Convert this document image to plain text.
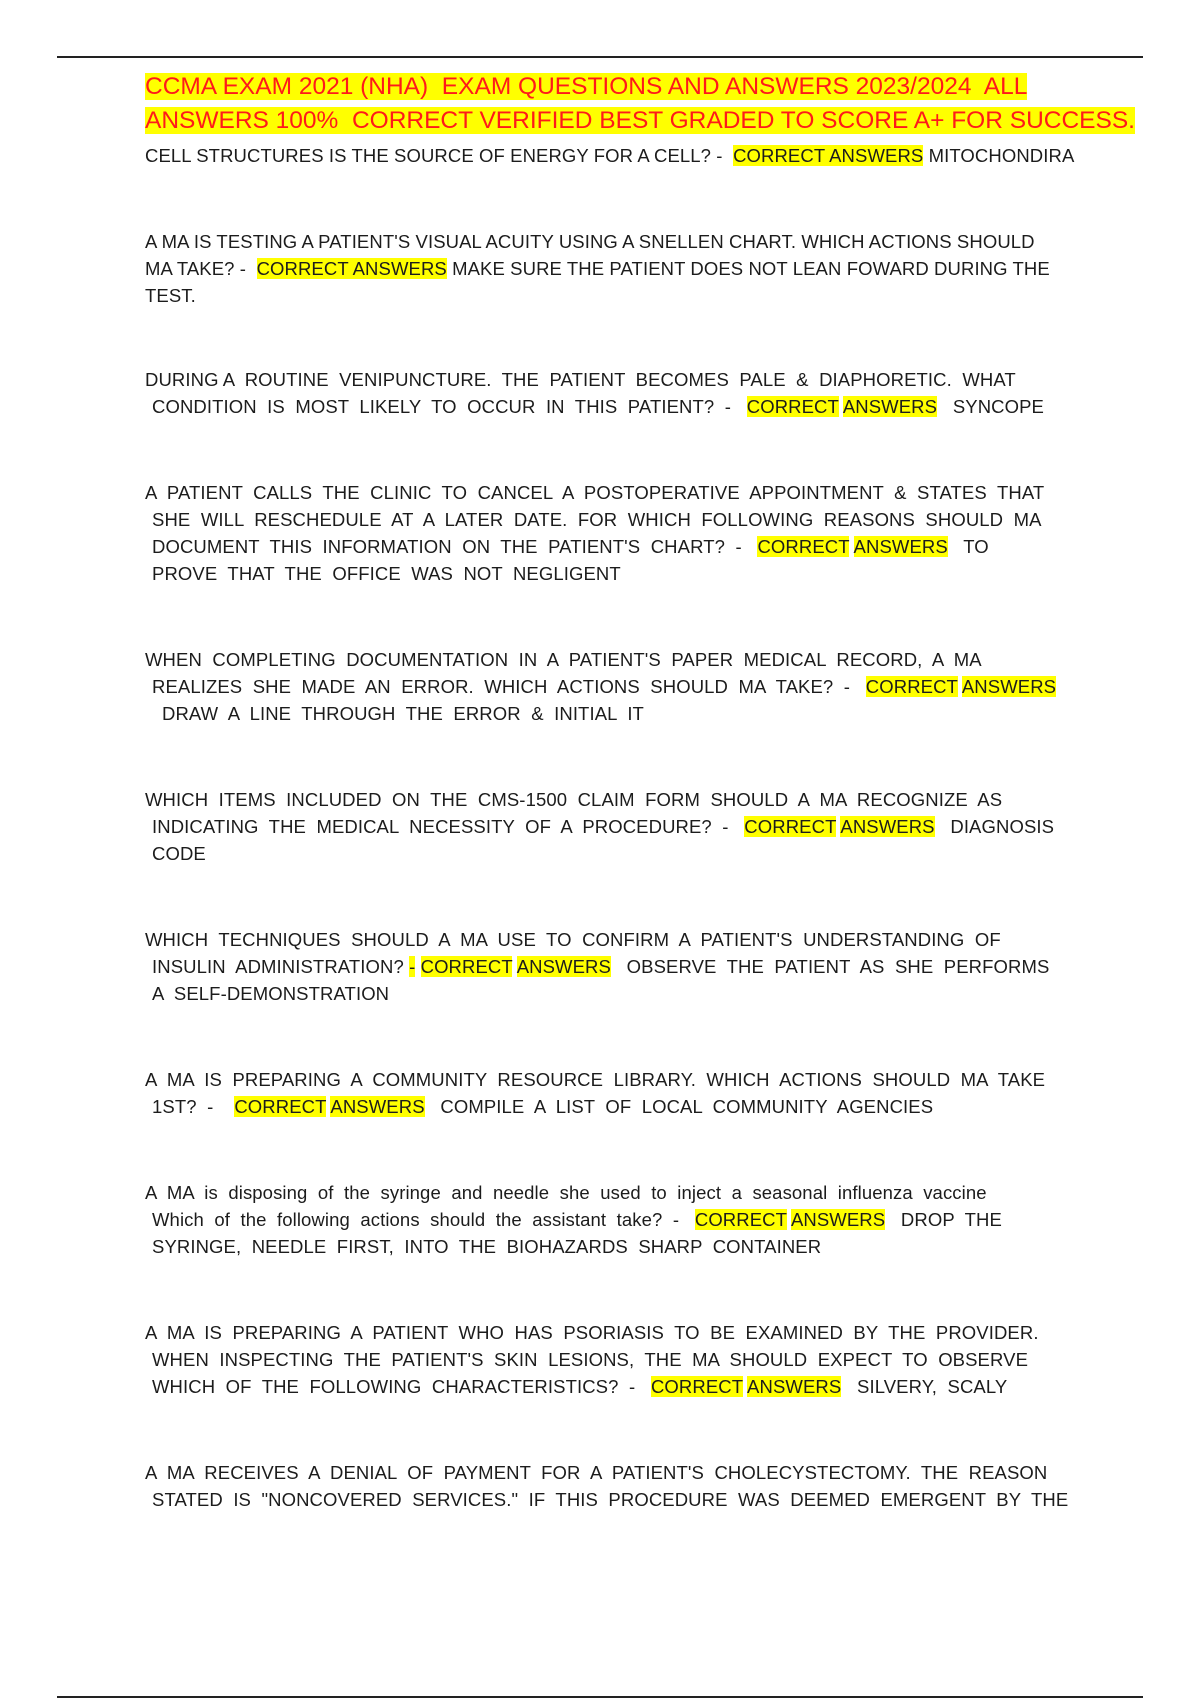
CCMA EXAM 2021 (NHA)  EXAM QUESTIONS AND ANSWERS 2023/2024  ALL
ANSWERS 100%  CORRECT VERIFIED BEST GRADED TO SCORE A+ FOR SUCCESS.
CELL STRUCTURES IS THE SOURCE OF ENERGY FOR A CELL? -  CORRECT ANSWERS MITOCHONDIRA
A MA IS TESTING A PATIENT'S VISUAL ACUITY USING A SNELLEN CHART. WHICH ACTIONS SHOULD
MA TAKE? -  CORRECT ANSWERS MAKE SURE THE PATIENT DOES NOT LEAN FOWARD DURING THE
TEST.
DURING A  ROUTINE  VENIPUNCTURE.  THE  PATIENT  BECOMES  PALE  &  DIAPHORETIC.  WHAT
CONDITION  IS  MOST  LIKELY  TO  OCCUR  IN  THIS  PATIENT?  - CORRECT ANSWERS SYNCOPE
A  PATIENT  CALLS  THE  CLINIC  TO  CANCEL  A  POSTOPERATIVE  APPOINTMENT  &  STATES  THAT
SHE  WILL  RESCHEDULE  AT  A  LATER  DATE.  FOR  WHICH  FOLLOWING  REASONS  SHOULD  MA
DOCUMENT  THIS  INFORMATION  ON  THE  PATIENT'S  CHART?  - CORRECT ANSWERS TO
PROVE  THAT  THE  OFFICE  WAS  NOT  NEGLIGENT
WHEN  COMPLETING  DOCUMENTATION  IN  A  PATIENT'S  PAPER  MEDICAL  RECORD,  A  MA
REALIZES  SHE  MADE  AN  ERROR.  WHICH  ACTIONS  SHOULD  MA  TAKE?  - CORRECT ANSWERS
DRAW  A  LINE  THROUGH  THE  ERROR  &  INITIAL  IT
WHICH  ITEMS  INCLUDED  ON  THE  CMS-1500  CLAIM  FORM  SHOULD  A  MA  RECOGNIZE  AS
INDICATING  THE  MEDICAL  NECESSITY  OF  A  PROCEDURE?  - CORRECT ANSWERS DIAGNOSIS
CODE
WHICH  TECHNIQUES  SHOULD  A  MA  USE  TO  CONFIRM  A  PATIENT'S  UNDERSTANDING  OF
INSULIN  ADMINISTRATION? - CORRECT ANSWERS OBSERVE  THE  PATIENT  AS  SHE  PERFORMS
A  SELF-DEMONSTRATION
A  MA  IS  PREPARING  A  COMMUNITY  RESOURCE  LIBRARY.  WHICH  ACTIONS  SHOULD  MA  TAKE
1ST?  - CORRECT ANSWERS COMPILE  A  LIST  OF  LOCAL  COMMUNITY  AGENCIES
A  MA  is  disposing  of  the  syringe  and  needle  she  used  to  inject  a  seasonal  influenza  vaccine
Which  of  the  following  actions  should  the  assistant  take?  - CORRECT ANSWERS DROP  THE
SYRINGE,  NEEDLE  FIRST,  INTO  THE  BIOHAZARDS  SHARP  CONTAINER
A  MA  IS  PREPARING  A  PATIENT  WHO  HAS  PSORIASIS  TO  BE  EXAMINED  BY  THE  PROVIDER.
WHEN  INSPECTING  THE  PATIENT'S  SKIN  LESIONS,  THE  MA  SHOULD  EXPECT  TO  OBSERVE
WHICH  OF  THE  FOLLOWING  CHARACTERISTICS?  - CORRECT ANSWERS SILVERY,  SCALY
A  MA  RECEIVES  A  DENIAL  OF  PAYMENT  FOR  A  PATIENT'S  CHOLECYSTECTOMY.  THE  REASON
STATED  IS  "NONCOVERED  SERVICES."  IF  THIS  PROCEDURE  WAS  DEEMED  EMERGENT  BY  THE
